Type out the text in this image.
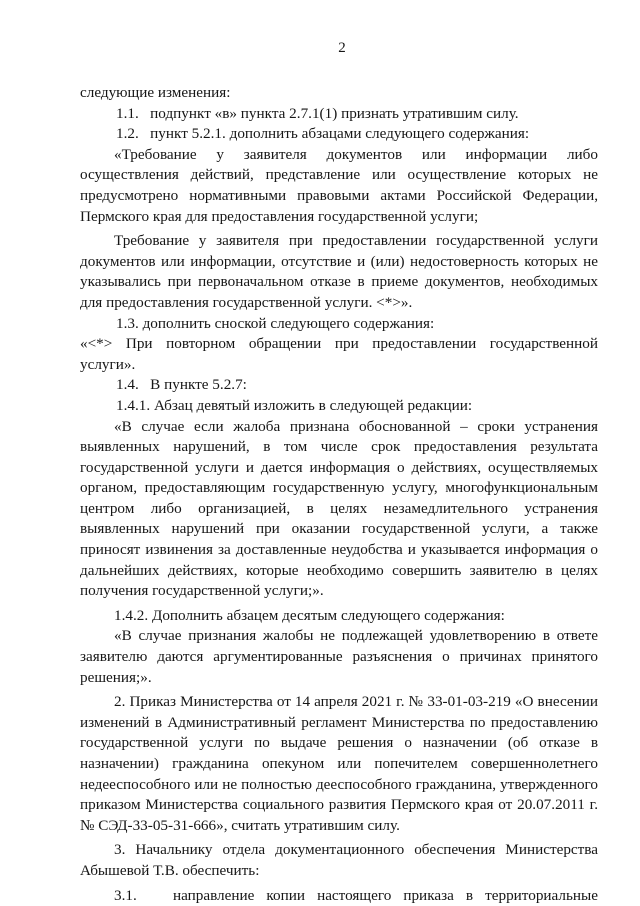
2

следующие изменения:

1.1.   подпункт «в» пункта 2.7.1(1) признать утратившим силу.

1.2.   пункт 5.2.1. дополнить абзацами следующего содержания:

«Требование у заявителя документов или информации либо осуществления действий, представление или осуществление которых не предусмотрено нормативными правовыми актами Российской Федерации, Пермского края для предоставления государственной услуги;

Требование у заявителя при предоставлении государственной услуги документов или информации, отсутствие и (или) недостоверность которых не указывались при первоначальном отказе в приеме документов, необходимых для предоставления государственной услуги. <*>».

1.3. дополнить сноской следующего содержания:

«<*> При повторном обращении при предоставлении государственной услуги».

1.4.   В пункте 5.2.7:

1.4.1. Абзац девятый изложить в следующей редакции:

«В случае если жалоба признана обоснованной – сроки устранения выявленных нарушений, в том числе срок предоставления результата государственной услуги и дается информация о действиях, осуществляемых органом, предоставляющим государственную услугу, многофункциональным центром либо организацией, в целях незамедлительного устранения выявленных нарушений при оказании государственной услуги, а также приносят извинения за доставленные неудобства и указывается информация о дальнейших действиях, которые необходимо совершить заявителю в целях получения государственной услуги;».

1.4.2. Дополнить абзацем десятым следующего содержания:

«В случае признания жалобы не подлежащей удовлетворению в ответе заявителю даются аргументированные разъяснения о причинах принятого решения;».

2. Приказ Министерства от 14 апреля 2021 г. № 33-01-03-219 «О внесении изменений в Административный регламент Министерства по предоставлению государственной услуги по выдаче решения о назначении (об отказе в назначении) гражданина опекуном или попечителем совершеннолетнего недееспособного или не полностью дееспособного гражданина, утвержденного приказом Министерства социального развития Пермского края от 20.07.2011 г. № СЭД-33-05-31-666», считать утратившим силу.

3. Начальнику отдела документационного обеспечения Министерства Абышевой Т.В. обеспечить:

3.1.   направление копии настоящего приказа в территориальные
